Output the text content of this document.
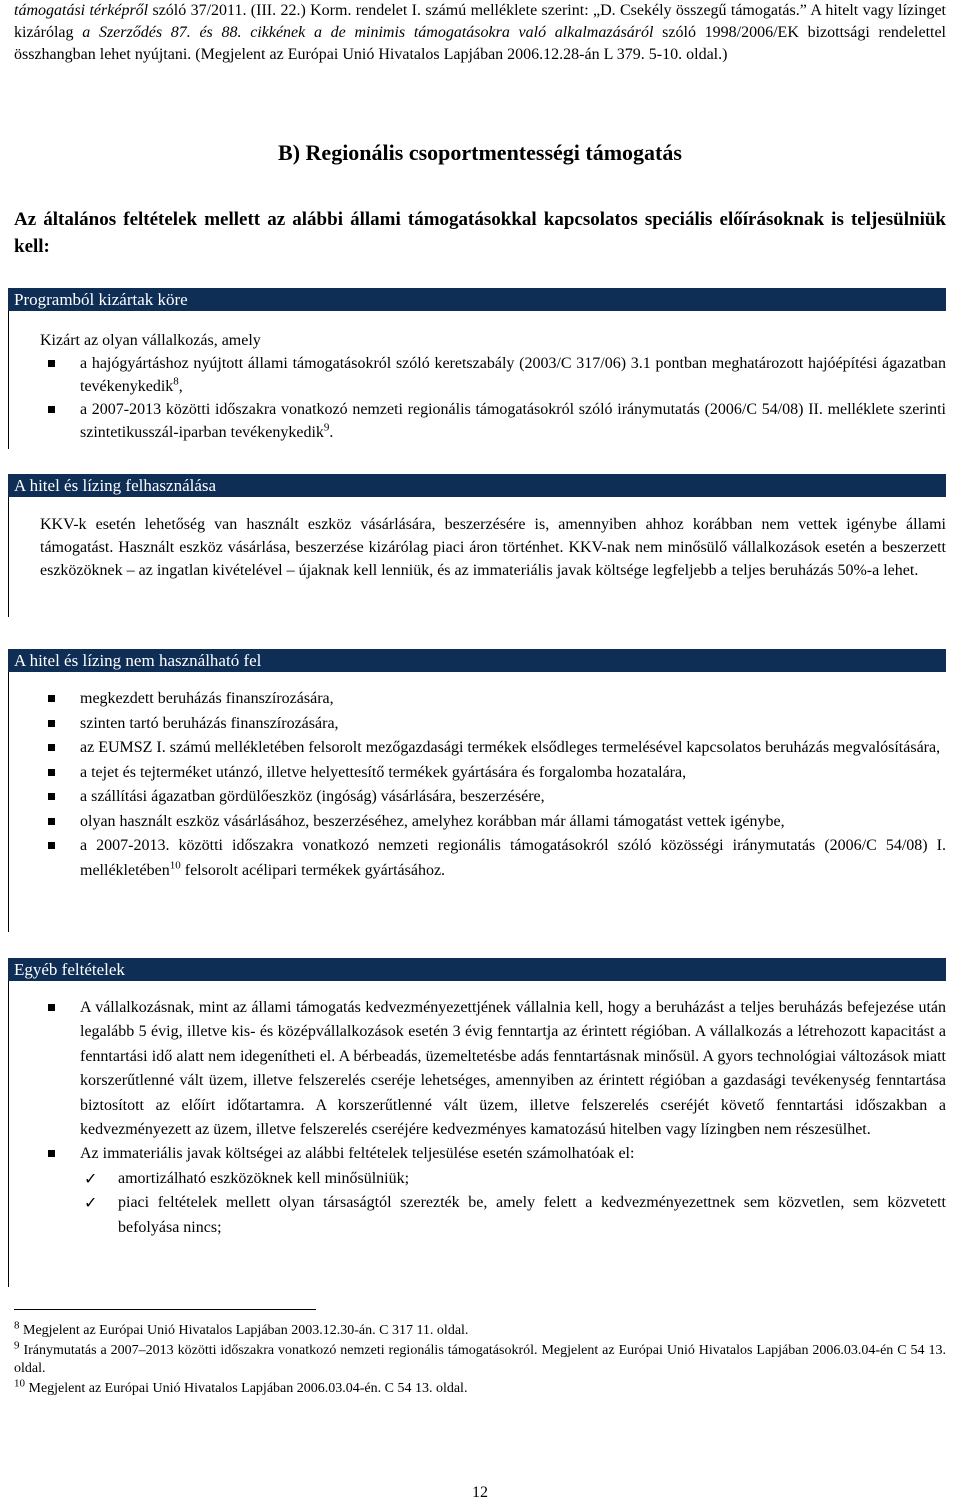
támogatási térképről szóló 37/2011. (III. 22.) Korm. rendelet I. számú melléklete szerint: „D. Csekély összegű támogatás.” A hitelt vagy lízinget kizárólag a Szerződés 87. és 88. cikkének a de minimis támogatásokra való alkalmazásáról szóló 1998/2006/EK bizottsági rendelettel összhangban lehet nyújtani. (Megjelent az Európai Unió Hivatalos Lapjában 2006.12.28-án L 379. 5-10. oldal.)
B) Regionális csoportmentességi támogatás
Az általános feltételek mellett az alábbi állami támogatásokkal kapcsolatos speciális előírásoknak is teljesülniük kell:
Programból kizártak köre
Kizárt az olyan vállalkozás, amely
a hajógyártáshoz nyújtott állami támogatásokról szóló keretszabály (2003/C 317/06) 3.1 pontban meghatározott hajóépítési ágazatban tevékenykedik$^8$,
a 2007-2013 közötti időszakra vonatkozó nemzeti regionális támogatásokról szóló iránymutatás (2006/C 54/08) II. melléklete szerinti szintetikusszál-iparban tevékenykedik$^9$.
A hitel és lízing felhasználása
KKV-k esetén lehetőség van használt eszköz vásárlására, beszerzésére is, amennyiben ahhoz korábban nem vettek igénybe állami támogatást. Használt eszköz vásárlása, beszerzése kizárólag piaci áron történhet. KKV-nak nem minősülő vállalkozások esetén a beszerzett eszközöknek – az ingatlan kivételével – újaknak kell lenniük, és az immateriális javak költsége legfeljebb a teljes beruházás 50%-a lehet.
A hitel és lízing nem használható fel
megkezdett beruházás finanszírozására,
szinten tartó beruházás finanszírozására,
az EUMSZ I. számú mellékletében felsorolt mezőgazdasági termékek elsődleges termelésével kapcsolatos beruházás megvalósítására,
a tejet és tejterméket utánzó, illetve helyettesítő termékek gyártására és forgalomba hozatalára,
a szállítási ágazatban gördülőeszköz (ingóság) vásárlására, beszerzésére,
olyan használt eszköz vásárlásához, beszerzéséhez, amelyhez korábban már állami támogatást vettek igénybe,
a 2007-2013. közötti időszakra vonatkozó nemzeti regionális támogatásokról szóló közösségi iránymutatás (2006/C 54/08) I. mellékletében$^{10}$ felsorolt acélipari termékek gyártásához.
Egyéb feltételek
A vállalkozásnak, mint az állami támogatás kedvezményezettjének vállalnia kell, hogy a beruházást a teljes beruházás befejezése után legalább 5 évig, illetve kis- és középvállalkozások esetén 3 évig fenntartja az érintett régióban. A vállalkozás a létrehozott kapacitást a fenntartási idő alatt nem idegenítheti el. A bérbeadás, üzemeltetésbe adás fenntartásnak minősül. A gyors technológiai változások miatt korszerűtlenné vált üzem, illetve felszerelés cseréje lehetséges, amennyiben az érintett régióban a gazdasági tevékenység fenntartása biztosított az előírt időtartamra. A korszerűtlenné vált üzem, illetve felszerelés cseréjét követő fenntartási időszakban a kedvezményezett az üzem, illetve felszerelés cseréjére kedvezményes kamatozású hitelben vagy lízingben nem részesülhet.
Az immateriális javak költségei az alábbi feltételek teljesülése esetén számolhatóak el:
✓ amortizálható eszközöknek kell minősülniük;
✓ piaci feltételek mellett olyan társaságtól szerezték be, amely felett a kedvezményezettnek sem közvetlen, sem közvetett befolyása nincs;
$^8$ Megjelent az Európai Unió Hivatalos Lapjában 2003.12.30-án. C 317 11. oldal.
$^9$ Iránymutatás a 2007–2013 közötti időszakra vonatkozó nemzeti regionális támogatásokról. Megjelent az Európai Unió Hivatalos Lapjában 2006.03.04-én C 54 13. oldal.
$^{10}$ Megjelent az Európai Unió Hivatalos Lapjában 2006.03.04-én. C 54 13. oldal.
12
